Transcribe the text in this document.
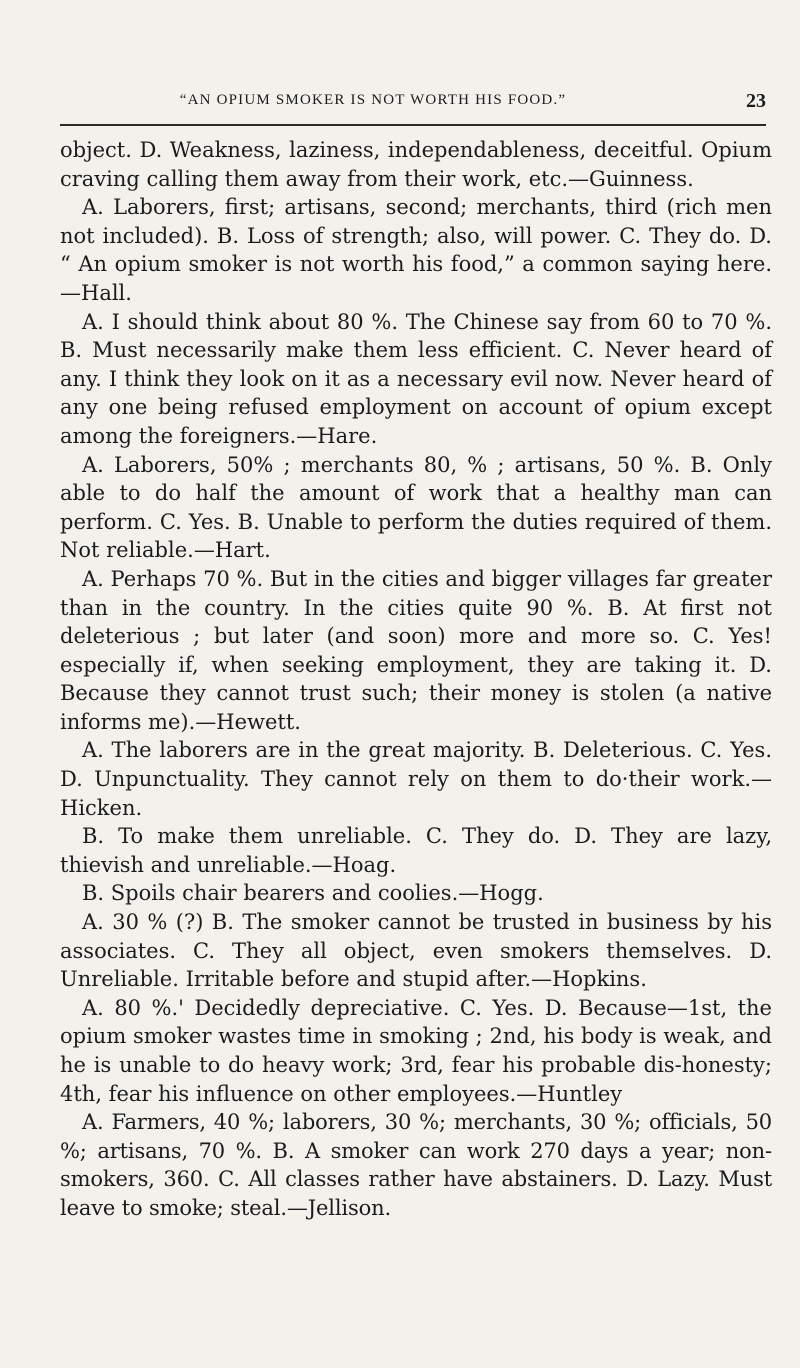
“AN OPIUM SMOKER IS NOT WORTH HIS FOOD.”	23

object. D. Weakness, laziness, independableness, deceitful. Opium craving calling them away from their work, etc.—Guinness.

A. Laborers, first; artisans, second; merchants, third (rich men not included). B. Loss of strength; also, will power. C. They do. D. “ An opium smoker is not worth his food,” a common saying here.—Hall.

A. I should think about 80 %. The Chinese say from 60 to 70 %. B. Must necessarily make them less efficient. C. Never heard of any. I think they look on it as a necessary evil now. Never heard of any one being refused employment on account of opium except among the foreigners.—Hare.

A. Laborers, 50% ; merchants 80, % ; artisans, 50 %. B. Only able to do half the amount of work that a healthy man can perform. C. Yes. B. Unable to perform the duties required of them. Not reliable.—Hart.

A. Perhaps 70 %. But in the cities and bigger villages far greater than in the country. In the cities quite 90 %. B. At first not deleterious ; but later (and soon) more and more so. C. Yes! especially if, when seeking employment, they are taking it. D. Because they cannot trust such; their money is stolen (a native informs me).—Hewett.

A. The laborers are in the great majority. B. Deleterious. C. Yes. D. Unpunctuality. They cannot rely on them to do·their work.—Hicken.

B. To make them unreliable. C. They do. D. They are lazy, thievish and unreliable.—Hoag.

B. Spoils chair bearers and coolies.—Hogg.

A. 30 % (?) B. The smoker cannot be trusted in business by his associates. C. They all object, even smokers themselves. D. Unreliable. Irritable before and stupid after.—Hopkins.

A. 80 %.' Decidedly depreciative. C. Yes. D. Because—1st, the opium smoker wastes time in smoking ; 2nd, his body is weak, and he is unable to do heavy work; 3rd, fear his probable dis-honesty; 4th, fear his influence on other employees.—Huntley

A. Farmers, 40 %; laborers, 30 %; merchants, 30 %; officials, 50 %; artisans, 70 %. B. A smoker can work 270 days a year; non-smokers, 360. C. All classes rather have abstainers. D. Lazy. Must leave to smoke; steal.—Jellison.
